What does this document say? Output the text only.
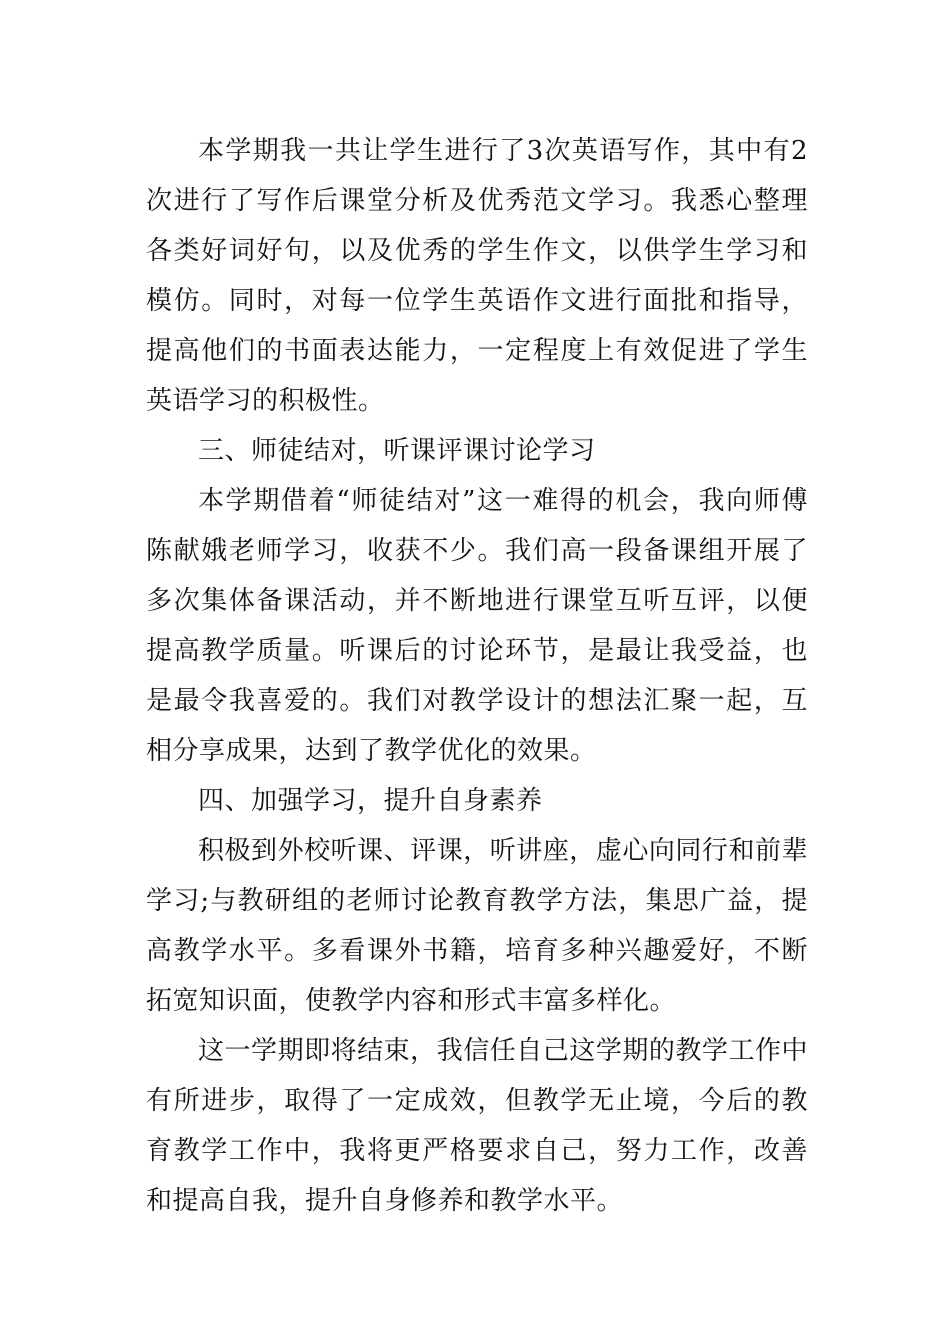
本学期我一共让学生进行了3次英语写作，其中有2次进行了写作后课堂分析及优秀范文学习。我悉心整理各类好词好句，以及优秀的学生作文，以供学生学习和模仿。同时，对每一位学生英语作文进行面批和指导，提高他们的书面表达能力，一定程度上有效促进了学生英语学习的积极性。

三、师徒结对，听课评课讨论学习

本学期借着“师徒结对”这一难得的机会，我向师傅陈献娥老师学习，收获不少。我们高一段备课组开展了多次集体备课活动，并不断地进行课堂互听互评，以便提高教学质量。听课后的讨论环节，是最让我受益，也是最令我喜爱的。我们对教学设计的想法汇聚一起，互相分享成果，达到了教学优化的效果。

四、加强学习，提升自身素养

积极到外校听课、评课，听讲座，虚心向同行和前辈学习;与教研组的老师讨论教育教学方法，集思广益，提高教学水平。多看课外书籍，培育多种兴趣爱好，不断拓宽知识面，使教学内容和形式丰富多样化。

这一学期即将结束，我信任自己这学期的教学工作中有所进步，取得了一定成效，但教学无止境，今后的教育教学工作中，我将更严格要求自己，努力工作，改善和提高自我，提升自身修养和教学水平。
